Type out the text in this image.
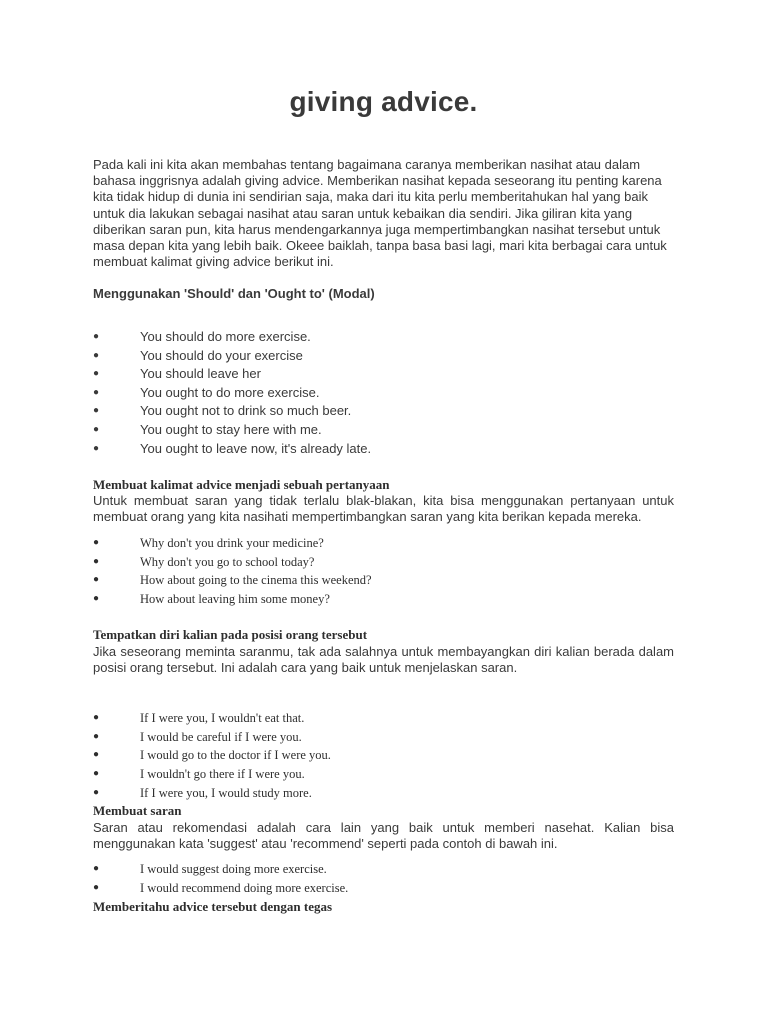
giving advice.
Pada kali ini kita akan membahas tentang bagaimana caranya memberikan nasihat atau dalam bahasa inggrisnya adalah giving advice. Memberikan nasihat kepada seseorang itu penting karena kita tidak hidup di dunia ini sendirian saja, maka dari itu kita perlu memberitahukan hal yang baik untuk dia lakukan sebagai nasihat atau saran untuk kebaikan dia sendiri. Jika giliran kita yang diberikan saran pun, kita harus mendengarkannya juga mempertimbangkan nasihat tersebut untuk masa depan kita yang lebih baik. Okeee baiklah, tanpa basa basi lagi, mari kita berbagai cara untuk membuat kalimat giving advice berikut ini.
Menggunakan 'Should' dan 'Ought to' (Modal)
●	You should do more exercise.
●	You should do your exercise
●	You should leave her
●	You ought to do more exercise.
●	You ought not to drink so much beer.
●	You ought to stay here with me.
●	You ought to leave now, it's already late.
Membuat kalimat advice menjadi sebuah pertanyaan
Untuk membuat saran yang tidak terlalu blak-blakan, kita bisa menggunakan pertanyaan untuk membuat orang yang kita nasihati mempertimbangkan saran yang kita berikan kepada mereka.
●	Why don't you drink your medicine?
●	Why don't you go to school today?
●	How about going to the cinema this weekend?
●	How about leaving him some money?
Tempatkan diri kalian pada posisi orang tersebut
Jika seseorang meminta saranmu, tak ada salahnya untuk membayangkan diri kalian berada dalam posisi orang tersebut. Ini adalah cara yang baik untuk menjelaskan saran.
●	If I were you, I wouldn't eat that.
●	I would be careful if I were you.
●	I would go to the doctor if I were you.
●	I wouldn't go there if I were you.
●	If I were you, I would study more.
Membuat saran
Saran atau rekomendasi adalah cara lain yang baik untuk memberi nasehat. Kalian bisa menggunakan kata 'suggest' atau 'recommend' seperti pada contoh di bawah ini.
●	I would suggest doing more exercise.
●	I would recommend doing more exercise.
Memberitahu advice tersebut dengan tegas
